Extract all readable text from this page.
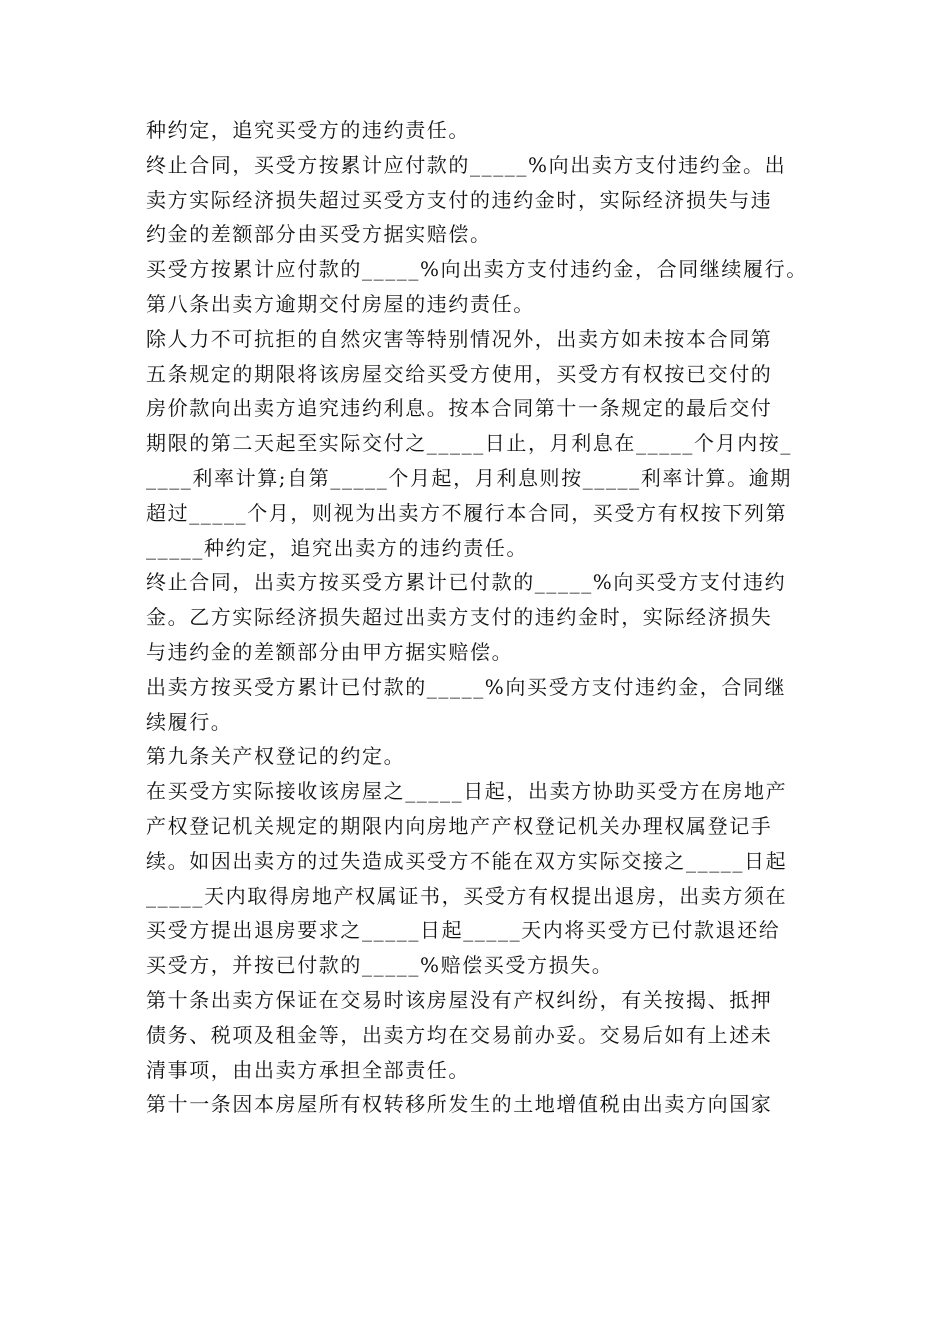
种约定，追究买受方的违约责任。

终止合同，买受方按累计应付款的_____%向出卖方支付违约金。出

卖方实际经济损失超过买受方支付的违约金时，实际经济损失与违

约金的差额部分由买受方据实赔偿。

买受方按累计应付款的_____%向出卖方支付违约金，合同继续履行。

第八条出卖方逾期交付房屋的违约责任。

除人力不可抗拒的自然灾害等特别情况外，出卖方如未按本合同第

五条规定的期限将该房屋交给买受方使用，买受方有权按已交付的

房价款向出卖方追究违约利息。按本合同第十一条规定的最后交付

期限的第二天起至实际交付之_____日止，月利息在_____个月内按_

____利率计算;自第_____个月起，月利息则按_____利率计算。逾期

超过_____个月，则视为出卖方不履行本合同，买受方有权按下列第

_____种约定，追究出卖方的违约责任。

终止合同，出卖方按买受方累计已付款的_____%向买受方支付违约

金。乙方实际经济损失超过出卖方支付的违约金时，实际经济损失

与违约金的差额部分由甲方据实赔偿。

出卖方按买受方累计已付款的_____%向买受方支付违约金，合同继

续履行。

第九条关产权登记的约定。

在买受方实际接收该房屋之_____日起，出卖方协助买受方在房地产

产权登记机关规定的期限内向房地产产权登记机关办理权属登记手

续。如因出卖方的过失造成买受方不能在双方实际交接之_____日起

_____天内取得房地产权属证书，买受方有权提出退房，出卖方须在

买受方提出退房要求之_____日起_____天内将买受方已付款退还给

买受方，并按已付款的_____%赔偿买受方损失。

第十条出卖方保证在交易时该房屋没有产权纠纷，有关按揭、抵押

债务、税项及租金等，出卖方均在交易前办妥。交易后如有上述未

清事项，由出卖方承担全部责任。

第十一条因本房屋所有权转移所发生的土地增值税由出卖方向国家
